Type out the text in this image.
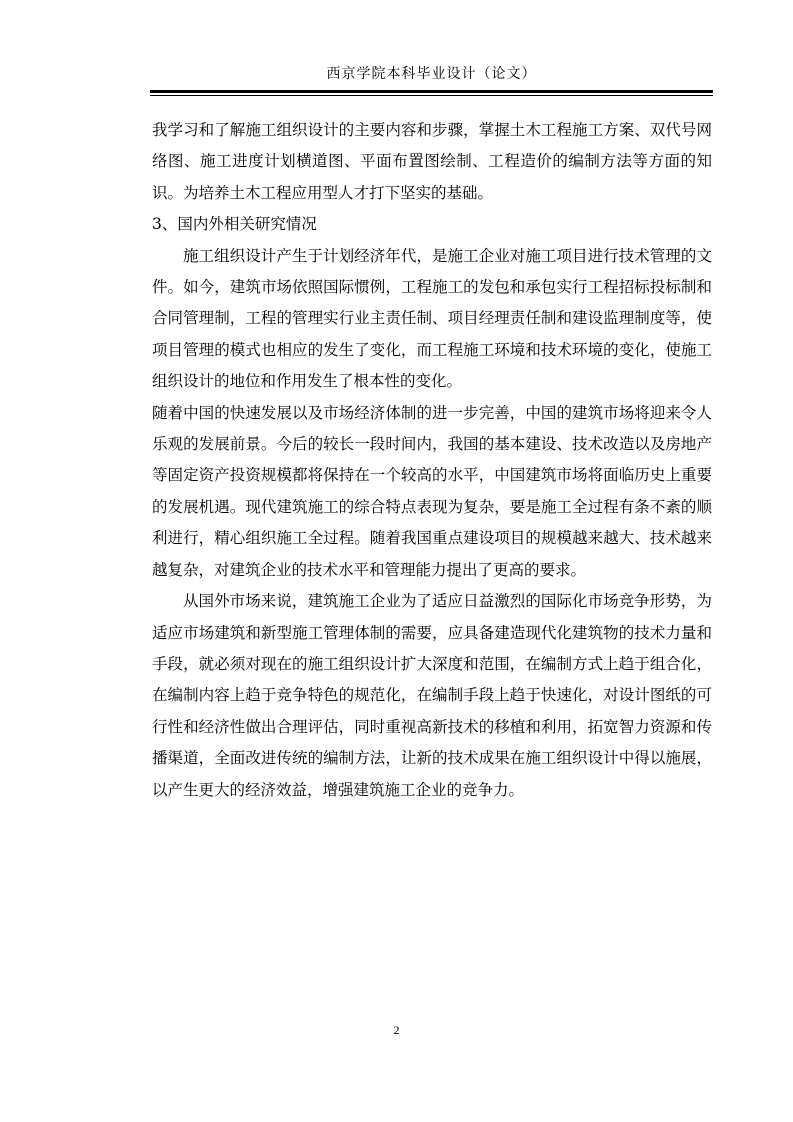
西京学院本科毕业设计（论文）

我学习和了解施工组织设计的主要内容和步骤，掌握土木工程施工方案、双代号网络图、施工进度计划横道图、平面布置图绘制、工程造价的编制方法等方面的知识。为培养土木工程应用型人才打下坚实的基础。

3、国内外相关研究情况

施工组织设计产生于计划经济年代，是施工企业对施工项目进行技术管理的文件。如今，建筑市场依照国际惯例，工程施工的发包和承包实行工程招标投标制和合同管理制，工程的管理实行业主责任制、项目经理责任制和建设监理制度等，使项目管理的模式也相应的发生了变化，而工程施工环境和技术环境的变化，使施工组织设计的地位和作用发生了根本性的变化。

随着中国的快速发展以及市场经济体制的进一步完善，中国的建筑市场将迎来令人乐观的发展前景。今后的较长一段时间内，我国的基本建设、技术改造以及房地产等固定资产投资规模都将保持在一个较高的水平，中国建筑市场将面临历史上重要的发展机遇。现代建筑施工的综合特点表现为复杂，要是施工全过程有条不紊的顺利进行，精心组织施工全过程。随着我国重点建设项目的规模越来越大、技术越来越复杂，对建筑企业的技术水平和管理能力提出了更高的要求。

从国外市场来说，建筑施工企业为了适应日益激烈的国际化市场竞争形势，为适应市场建筑和新型施工管理体制的需要，应具备建造现代化建筑物的技术力量和手段，就必须对现在的施工组织设计扩大深度和范围，在编制方式上趋于组合化，在编制内容上趋于竞争特色的规范化，在编制手段上趋于快速化，对设计图纸的可行性和经济性做出合理评估，同时重视高新技术的移植和利用，拓宽智力资源和传播渠道，全面改进传统的编制方法，让新的技术成果在施工组织设计中得以施展，以产生更大的经济效益，增强建筑施工企业的竞争力。

2
